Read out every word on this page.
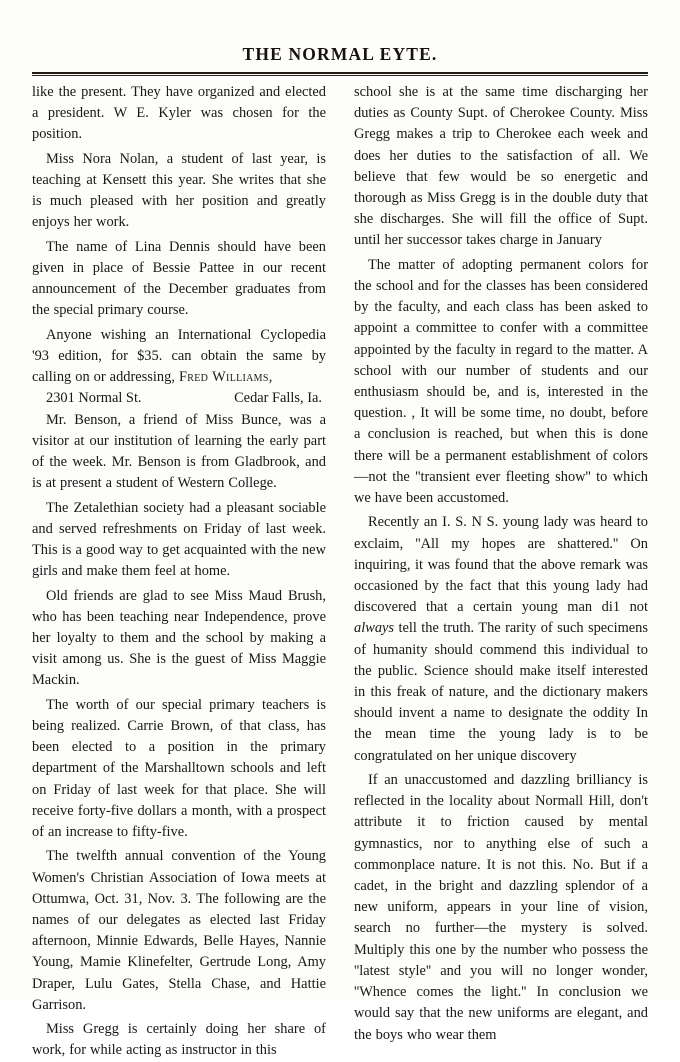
THE NORMAL EYTE.

like the present. They have organized and elected a president. W E. Kyler was chosen for the position.

Miss Nora Nolan, a student of last year, is teaching at Kensett this year. She writes that she is much pleased with her position and greatly enjoys her work.

The name of Lina Dennis should have been given in place of Bessie Pattee in our recent announcement of the December graduates from the special primary course.

Anyone wishing an International Cyclopedia '93 edition, for $35. can obtain the same by calling on or addressing, Fred Williams,

2301 Normal St.	Cedar Falls, Ia.

Mr. Benson, a friend of Miss Bunce, was a visitor at our institution of learning the early part of the week. Mr. Benson is from Gladbrook, and is at present a student of Western College.

The Zetalethian society had a pleasant sociable and served refreshments on Friday of last week. This is a good way to get acquainted with the new girls and make them feel at home.

Old friends are glad to see Miss Maud Brush, who has been teaching near Independence, prove her loyalty to them and the school by making a visit among us. She is the guest of Miss Maggie Mackin.

The worth of our special primary teachers is being realized. Carrie Brown, of that class, has been elected to a position in the primary department of the Marshalltown schools and left on Friday of last week for that place. She will receive forty-five dollars a month, with a prospect of an increase to fifty-five.

The twelfth annual convention of the Young Women's Christian Association of Iowa meets at Ottumwa, Oct. 31, Nov. 3. The following are the names of our delegates as elected last Friday afternoon, Minnie Edwards, Belle Hayes, Nannie Young, Mamie Klinefelter, Gertrude Long, Amy Draper, Lulu Gates, Stella Chase, and Hattie Garrison.

Miss Gregg is certainly doing her share of work, for while acting as instructor in this

school she is at the same time discharging her duties as County Supt. of Cherokee County. Miss Gregg makes a trip to Cherokee each week and does her duties to the satisfaction of all. We believe that few would be so energetic and thorough as Miss Gregg is in the double duty that she discharges. She will fill the office of Supt. until her successor takes charge in January

The matter of adopting permanent colors for the school and for the classes has been considered by the faculty, and each class has been asked to appoint a committee to confer with a committee appointed by the faculty in regard to the matter. A school with our number of students and our enthusiasm should be, and is, interested in the question. , It will be some time, no doubt, before a conclusion is reached, but when this is done there will be a permanent establishment of colors—not the ''transient ever fleeting show'' to which we have been accustomed.

Recently an I. S. N S. young lady was heard to exclaim, ''All my hopes are shattered.'' On inquiring, it was found that the above remark was occasioned by the fact that this young lady had discovered that a certain young man di1 not always tell the truth. The rarity of such specimens of humanity should commend this individual to the public. Science should make itself interested in this freak of nature, and the dictionary makers should invent a name to designate the oddity In the mean time the young lady is to be congratulated on her unique discovery

If an unaccustomed and dazzling brilliancy is reflected in the locality about Normall Hill, don't attribute it to friction caused by mental gymnastics, nor to anything else of such a commonplace nature. It is not this. No. But if a cadet, in the bright and dazzling splendor of a new uniform, appears in your line of vision, search no further—the mystery is solved. Multiply this one by the number who possess the ''latest style'' and you will no longer wonder, ''Whence comes the light.'' In conclusion we would say that the new uniforms are elegant, and the boys who wear them
